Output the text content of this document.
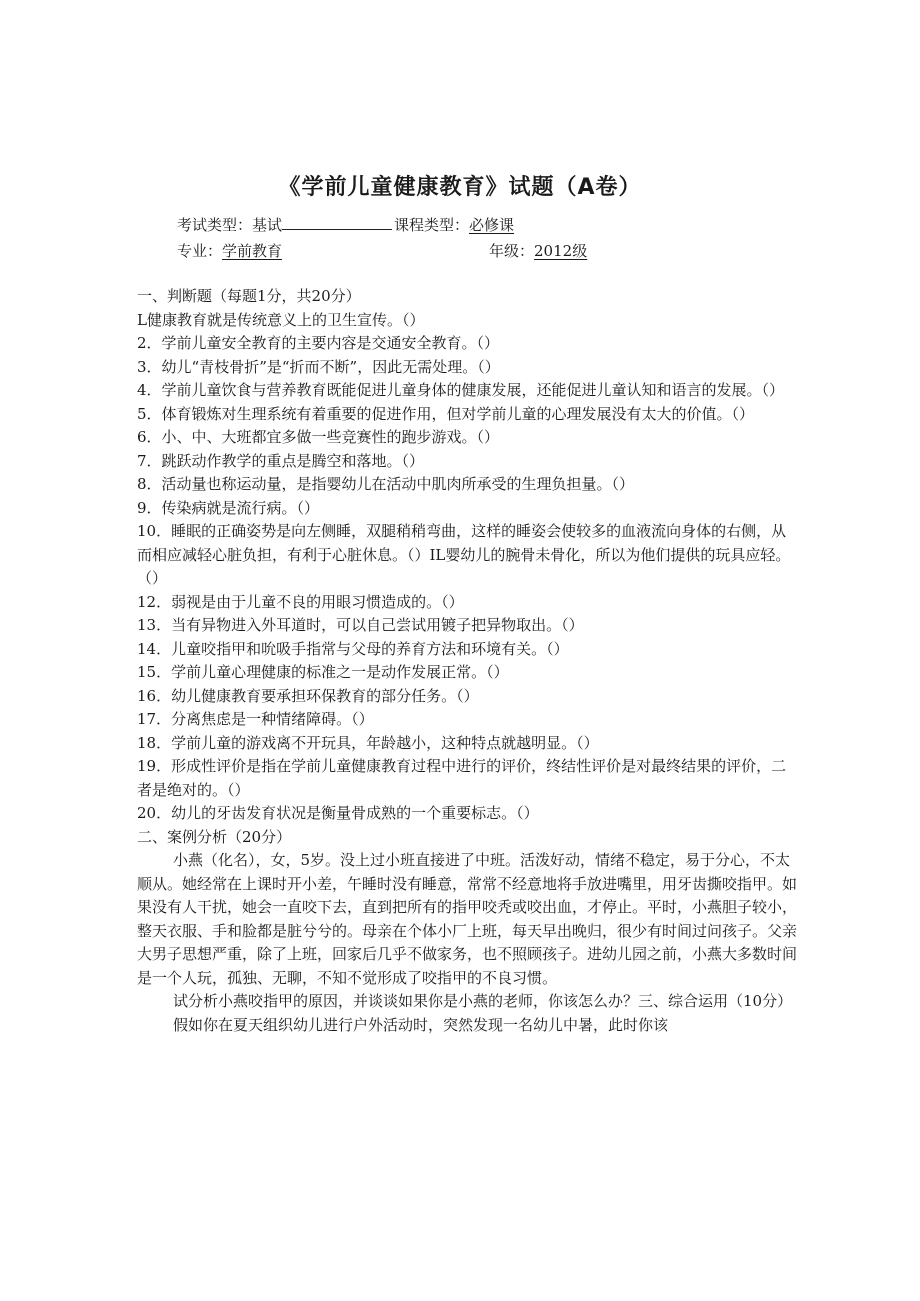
《学前儿童健康教育》试题（A卷）
考试类型：基试	课程类型：必修课
专业：学前教育	年级：2012级

一、判断题（每题1分，共20分）

L健康教育就是传统意义上的卫生宣传。（）

2．学前儿童安全教育的主要内容是交通安全教育。（）

3．幼儿“青枝骨折”是“折而不断”，因此无需处理。（）

4．学前儿童饮食与营养教育既能促进儿童身体的健康发展，还能促进儿童认知和语言的发展。（）

5．体育锻炼对生理系统有着重要的促进作用，但对学前儿童的心理发展没有太大的价值。（）

6．小、中、大班都宜多做一些竞赛性的跑步游戏。（）

7．跳跃动作教学的重点是腾空和落地。（）

8．活动量也称运动量，是指婴幼儿在活动中肌肉所承受的生理负担量。（）

9．传染病就是流行病。（）

10．睡眠的正确姿势是向左侧睡，双腿稍稍弯曲，这样的睡姿会使较多的血液流向身体的右侧，从而相应减轻心脏负担，有利于心脏休息。（）IL婴幼儿的腕骨未骨化，所以为他们提供的玩具应轻。（）

12．弱视是由于儿童不良的用眼习惯造成的。（）

13．当有异物进入外耳道时，可以自己尝试用镀子把异物取出。（）

14．儿童咬指甲和吮吸手指常与父母的养育方法和环境有关。（）

15．学前儿童心理健康的标准之一是动作发展正常。（）

16．幼儿健康教育要承担环保教育的部分任务。（）

17．分离焦虑是一种情绪障碍。（）

18．学前儿童的游戏离不开玩具，年龄越小，这种特点就越明显。（）

19．形成性评价是指在学前儿童健康教育过程中进行的评价，终结性评价是对最终结果的评价，二者是绝对的。（）

20．幼儿的牙齿发育状况是衡量骨成熟的一个重要标志。（）

二、案例分析（20分）

小燕（化名），女，5岁。没上过小班直接进了中班。活泼好动，情绪不稳定，易于分心，不太顺从。她经常在上课时开小差，午睡时没有睡意，常常不经意地将手放进嘴里，用牙齿撕咬指甲。如果没有人干扰，她会一直咬下去，直到把所有的指甲咬秃或咬出血，才停止。平时，小燕胆子较小，整天衣服、手和脸都是脏兮兮的。母亲在个体小厂上班，每天早出晚归，很少有时间过问孩子。父亲大男子思想严重，除了上班，回家后几乎不做家务，也不照顾孩子。进幼儿园之前，小燕大多数时间是一个人玩，孤独、无聊，不知不觉形成了咬指甲的不良习惯。

试分析小燕咬指甲的原因，并谈谈如果你是小燕的老师，你该怎么办？三、综合运用（10分）

假如你在夏天组织幼儿进行户外活动时，突然发现一名幼儿中暑，此时你该
